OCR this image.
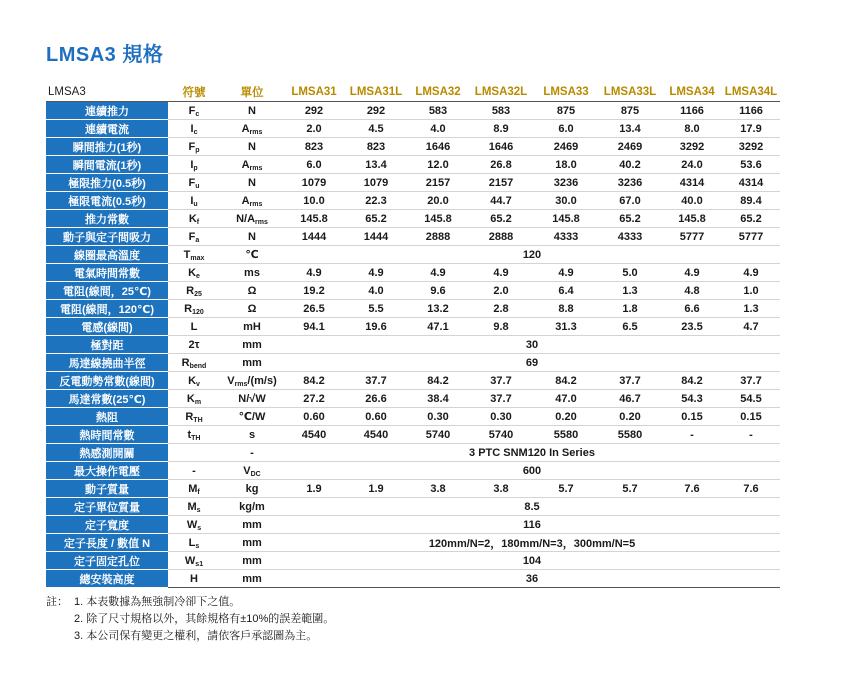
LMSA3 規格
LMSA3	符號	單位	LMSA31	LMSA31L	LMSA32	LMSA32L	LMSA33	LMSA33L	LMSA34	LMSA34L
連續推力	$F_c$	N	292	292	583	583	875	875	1166	1166
連續電流	$I_c$	$A_{rms}$	2.0	4.5	4.0	8.9	6.0	13.4	8.0	17.9
瞬間推力(1秒)	$F_p$	N	823	823	1646	1646	2469	2469	3292	3292
瞬間電流(1秒)	$I_p$	$A_{rms}$	6.0	13.4	12.0	26.8	18.0	40.2	24.0	53.6
極限推力(0.5秒)	$F_u$	N	1079	1079	2157	2157	3236	3236	4314	4314
極限電流(0.5秒)	$I_u$	$A_{rms}$	10.0	22.3	20.0	44.7	30.0	67.0	40.0	89.4
推力常數	$K_f$	$N/A_{rms}$	145.8	65.2	145.8	65.2	145.8	65.2	145.8	65.2
動子與定子間吸力	$F_a$	N	1444	1444	2888	2888	4333	4333	5777	5777
線圈最高溫度	$T_{max}$	℃	120							
電氣時間常數	$K_e$	ms	4.9	4.9	4.9	4.9	4.9	5.0	4.9	4.9
電阻(線間，25℃)	$R_{25}$	Ω	19.2	4.0	9.6	2.0	6.4	1.3	4.8	1.0
電阻(線間，120℃)	$R_{120}$	Ω	26.5	5.5	13.2	2.8	8.8	1.8	6.6	1.3
電感(線間)	L	mH	94.1	19.6	47.1	9.8	31.3	6.5	23.5	4.7
極對距	2τ	mm	30							
馬達線撓曲半徑	$R_{bend}$	mm	69							
反電動勢常數(線間)	$K_v$	$V_{rms}/(m/s)$	84.2	37.7	84.2	37.7	84.2	37.7	84.2	37.7
馬達常數(25℃)	$K_m$	N/√W	27.2	26.6	38.4	37.7	47.0	46.7	54.3	54.5
熱阻	$R_{TH}$	℃/W	0.60	0.60	0.30	0.30	0.20	0.20	0.15	0.15
熱時間常數	$t_{TH}$	s	4540	4540	5740	5740	5580	5580	-	-
熱感測開關		-	3 PTC SNM120 In Series							
最大操作電壓	-	$V_{DC}$	600							
動子質量	$M_f$	kg	1.9	1.9	3.8	3.8	5.7	5.7	7.6	7.6
定子單位質量	$M_s$	kg/m	8.5							
定子寬度	$W_s$	mm	116							
定子長度 / 數值 N	$L_s$	mm	120mm/N=2，180mm/N=3，300mm/N=5							
定子固定孔位	$W_{s1}$	mm	104							
總安裝高度	H	mm	36							
註： 1. 本表數據為無強制冷卻下之值。
2. 除了尺寸規格以外，其餘規格有±10%的誤差範圍。
3. 本公司保有變更之權利，請依客戶承認圖為主。
